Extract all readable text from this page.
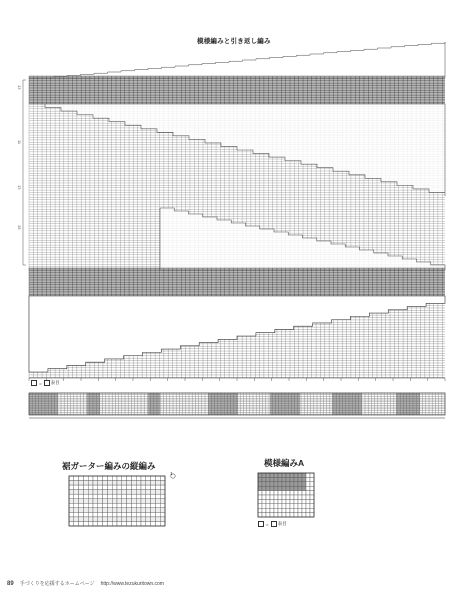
模様編みと引き返し編み
= 表目
13
11
13
15
裾ガーター編みの縦編み
1
模様編みA
= 表目
89 手づくりを応援するホームページ http://www.tezukuritown.com
